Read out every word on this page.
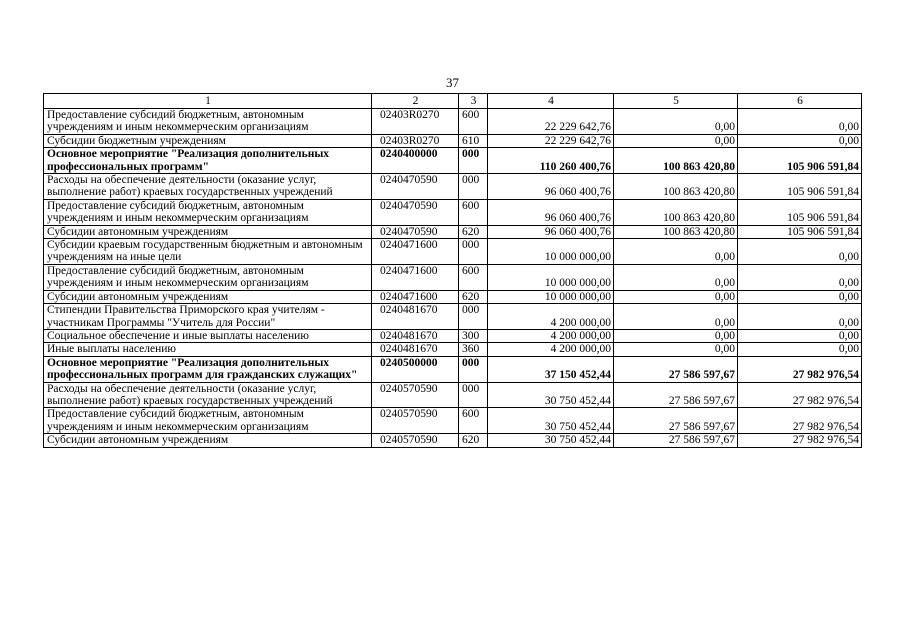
37
1	2	3	4	5	6
Предоставление субсидий бюджетным, автономным учреждениям и иным некоммерческим организациям	02403R0270	600	22 229 642,76	0,00	0,00
Субсидии бюджетным учреждениям	02403R0270	610	22 229 642,76	0,00	0,00
Основное мероприятие "Реализация дополнительных профессиональных программ"	0240400000	000	110 260 400,76	100 863 420,80	105 906 591,84
Расходы на обеспечение деятельности (оказание услуг, выполнение работ) краевых государственных учреждений	0240470590	000	96 060 400,76	100 863 420,80	105 906 591,84
Предоставление субсидий бюджетным, автономным учреждениям и иным некоммерческим организациям	0240470590	600	96 060 400,76	100 863 420,80	105 906 591,84
Субсидии автономным учреждениям	0240470590	620	96 060 400,76	100 863 420,80	105 906 591,84
Субсидии краевым государственным бюджетным и автономным учреждениям на иные цели	0240471600	000	10 000 000,00	0,00	0,00
Предоставление субсидий бюджетным, автономным учреждениям и иным некоммерческим организациям	0240471600	600	10 000 000,00	0,00	0,00
Субсидии автономным учреждениям	0240471600	620	10 000 000,00	0,00	0,00
Стипендии Правительства Приморского края учителям - участникам Программы "Учитель для России"	0240481670	000	4 200 000,00	0,00	0,00
Социальное обеспечение и иные выплаты населению	0240481670	300	4 200 000,00	0,00	0,00
Иные выплаты населению	0240481670	360	4 200 000,00	0,00	0,00
Основное мероприятие "Реализация дополнительных профессиональных программ для гражданских служащих"	0240500000	000	37 150 452,44	27 586 597,67	27 982 976,54
Расходы на обеспечение деятельности (оказание услуг, выполнение работ) краевых государственных учреждений	0240570590	000	30 750 452,44	27 586 597,67	27 982 976,54
Предоставление субсидий бюджетным, автономным учреждениям и иным некоммерческим организациям	0240570590	600	30 750 452,44	27 586 597,67	27 982 976,54
Субсидии автономным учреждениям	0240570590	620	30 750 452,44	27 586 597,67	27 982 976,54
